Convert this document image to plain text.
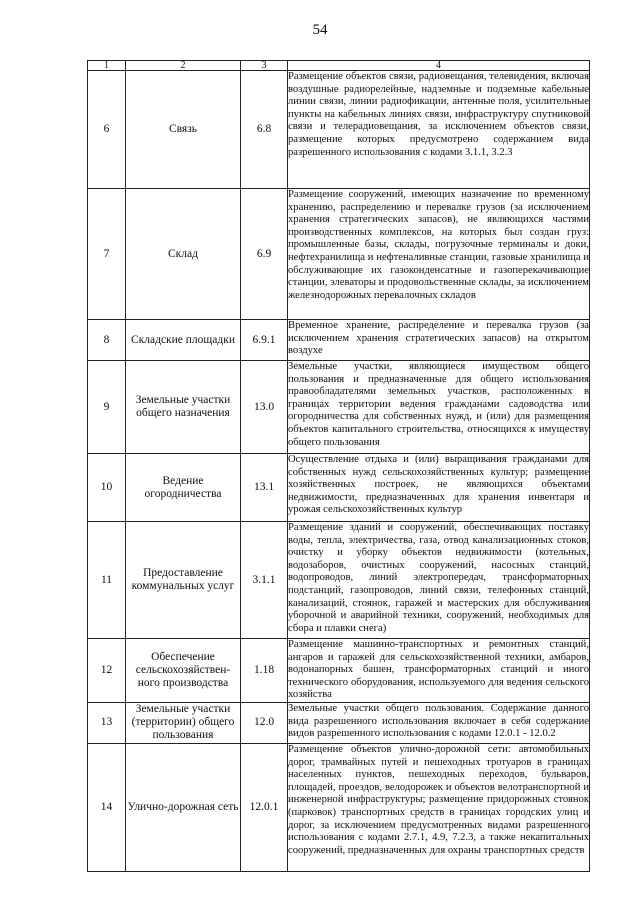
54
1	2	3	4
6	Связь	6.8	Размещение объектов связи, радиовещания, телевидения, включая воздушные радиорелейные, надземные и подземные кабельные линии связи, линии радиофикации, антенные поля, усилительные пункты на кабельных линиях связи, инфраструктуру спутниковой связи и телерадиовещания, за исключением объектов связи, размещение которых предусмотрено содержанием вида разрешенного использования с кодами 3.1.1, 3.2.3
7	Склад	6.9	Размещение сооружений, имеющих назначение по временному хранению, распределению и перевалке грузов (за исключением хранения стратегических запасов), не являющихся частями производственных комплексов, на которых был создан груз: промышленные базы, склады, погрузочные терминалы и доки, нефтехранилища и нефтеналивные станции, газовые хранилища и обслуживающие их газоконденсатные и газоперекачивающие станции, элеваторы и продовольственные склады, за исключением железнодорожных перевалочных складов
8	Складские площадки	6.9.1	Временное хранение, распределение и перевалка грузов (за исключением хранения стратегических запасов) на открытом воздухе
9	Земельные участки общего назначения	13.0	Земельные участки, являющиеся имуществом общего пользования и предназначенные для общего использования правообладателями земельных участков, расположенных в границах территории ведения гражданами садоводства или огородничества для собственных нужд, и (или) для размещения объектов капитального строительства, относящихся к имуществу общего пользования
10	Ведение огородничества	13.1	Осуществление отдыха и (или) выращивания гражданами для собственных нужд сельскохозяйственных культур; размещение хозяйственных построек, не являющихся объектами недвижимости, предназначенных для хранения инвентаря и урожая сельскохозяйственных культур
11	Предоставление коммунальных услуг	3.1.1	Размещение зданий и сооружений, обеспечивающих поставку воды, тепла, электричества, газа, отвод канализационных стоков, очистку и уборку объектов недвижимости (котельных, водозаборов, очистных сооружений, насосных станций, водопроводов, линий электропередач, трансформаторных подстанций, газопроводов, линий связи, телефонных станций, канализаций, стоянок, гаражей и мастерских для обслуживания уборочной и аварийной техники, сооружений, необходимых для сбора и плавки снега)
12	Обеспечение сельскохозяйствен-ного производства	1.18	Размещение машинно-транспортных и ремонтных станций, ангаров и гаражей для сельскохозяйственной техники, амбаров, водонапорных башен, трансформаторных станций и иного технического оборудования, используемого для ведения сельского хозяйства
13	Земельные участки (территории) общего пользования	12.0	Земельные участки общего пользования. Содержание данного вида разрешенного использования включает в себя содержание видов разрешенного использования с кодами 12.0.1 - 12.0.2
14	Улично-дорожная сеть	12.0.1	Размещение объектов улично-дорожной сети: автомобильных дорог, трамвайных путей и пешеходных тротуаров в границах населенных пунктов, пешеходных переходов, бульваров, площадей, проездов, велодорожек и объектов велотранспортной и инженерной инфраструктуры; размещение придорожных стоянок (парковок) транспортных средств в границах городских улиц и дорог, за исключением предусмотренных видами разрешенного использования с кодами 2.7.1, 4.9, 7.2.3, а также некапитальных сооружений, предназначенных для охраны транспортных средств
